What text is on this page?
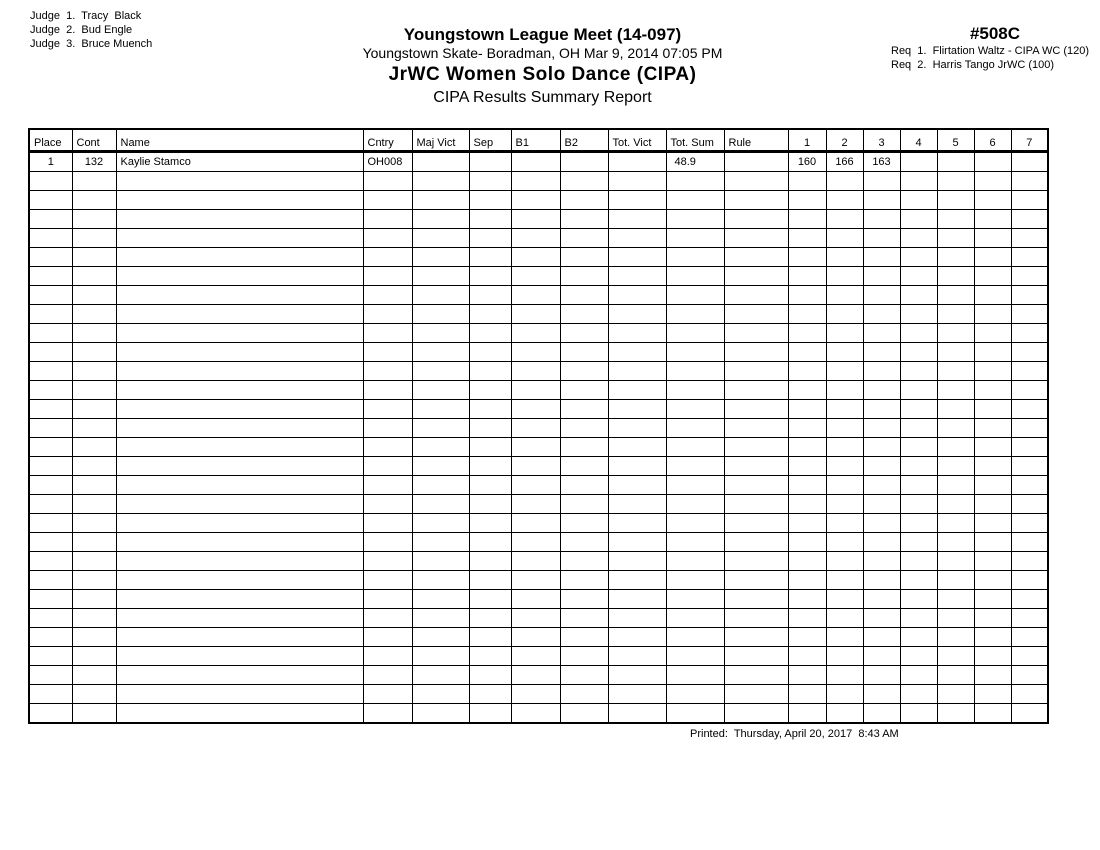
Judge  1.  Tracy  Black
Judge  2.  Bud Engle
Judge  3.  Bruce Muench	Youngstown League Meet (14-097)
Youngstown Skate- Boradman, OH Mar 9, 2014 07:05 PM
JrWC Women Solo Dance (CIPA)
CIPA Results Summary Report
#508C
Req  1.  Flirtation Waltz - CIPA WC (120)
Req  2.  Harris Tango JrWC (100)
Place	Cont	Name	Cntry	Maj Vict	Sep	B1	B2	Tot. Vict	Tot. Sum	Rule	1	2	3	4	5	6	7
1	132	Kaylie Stamco	OH008						48.9		160	166	163				

Printed:  Thursday, April 20, 2017  8:43 AM
